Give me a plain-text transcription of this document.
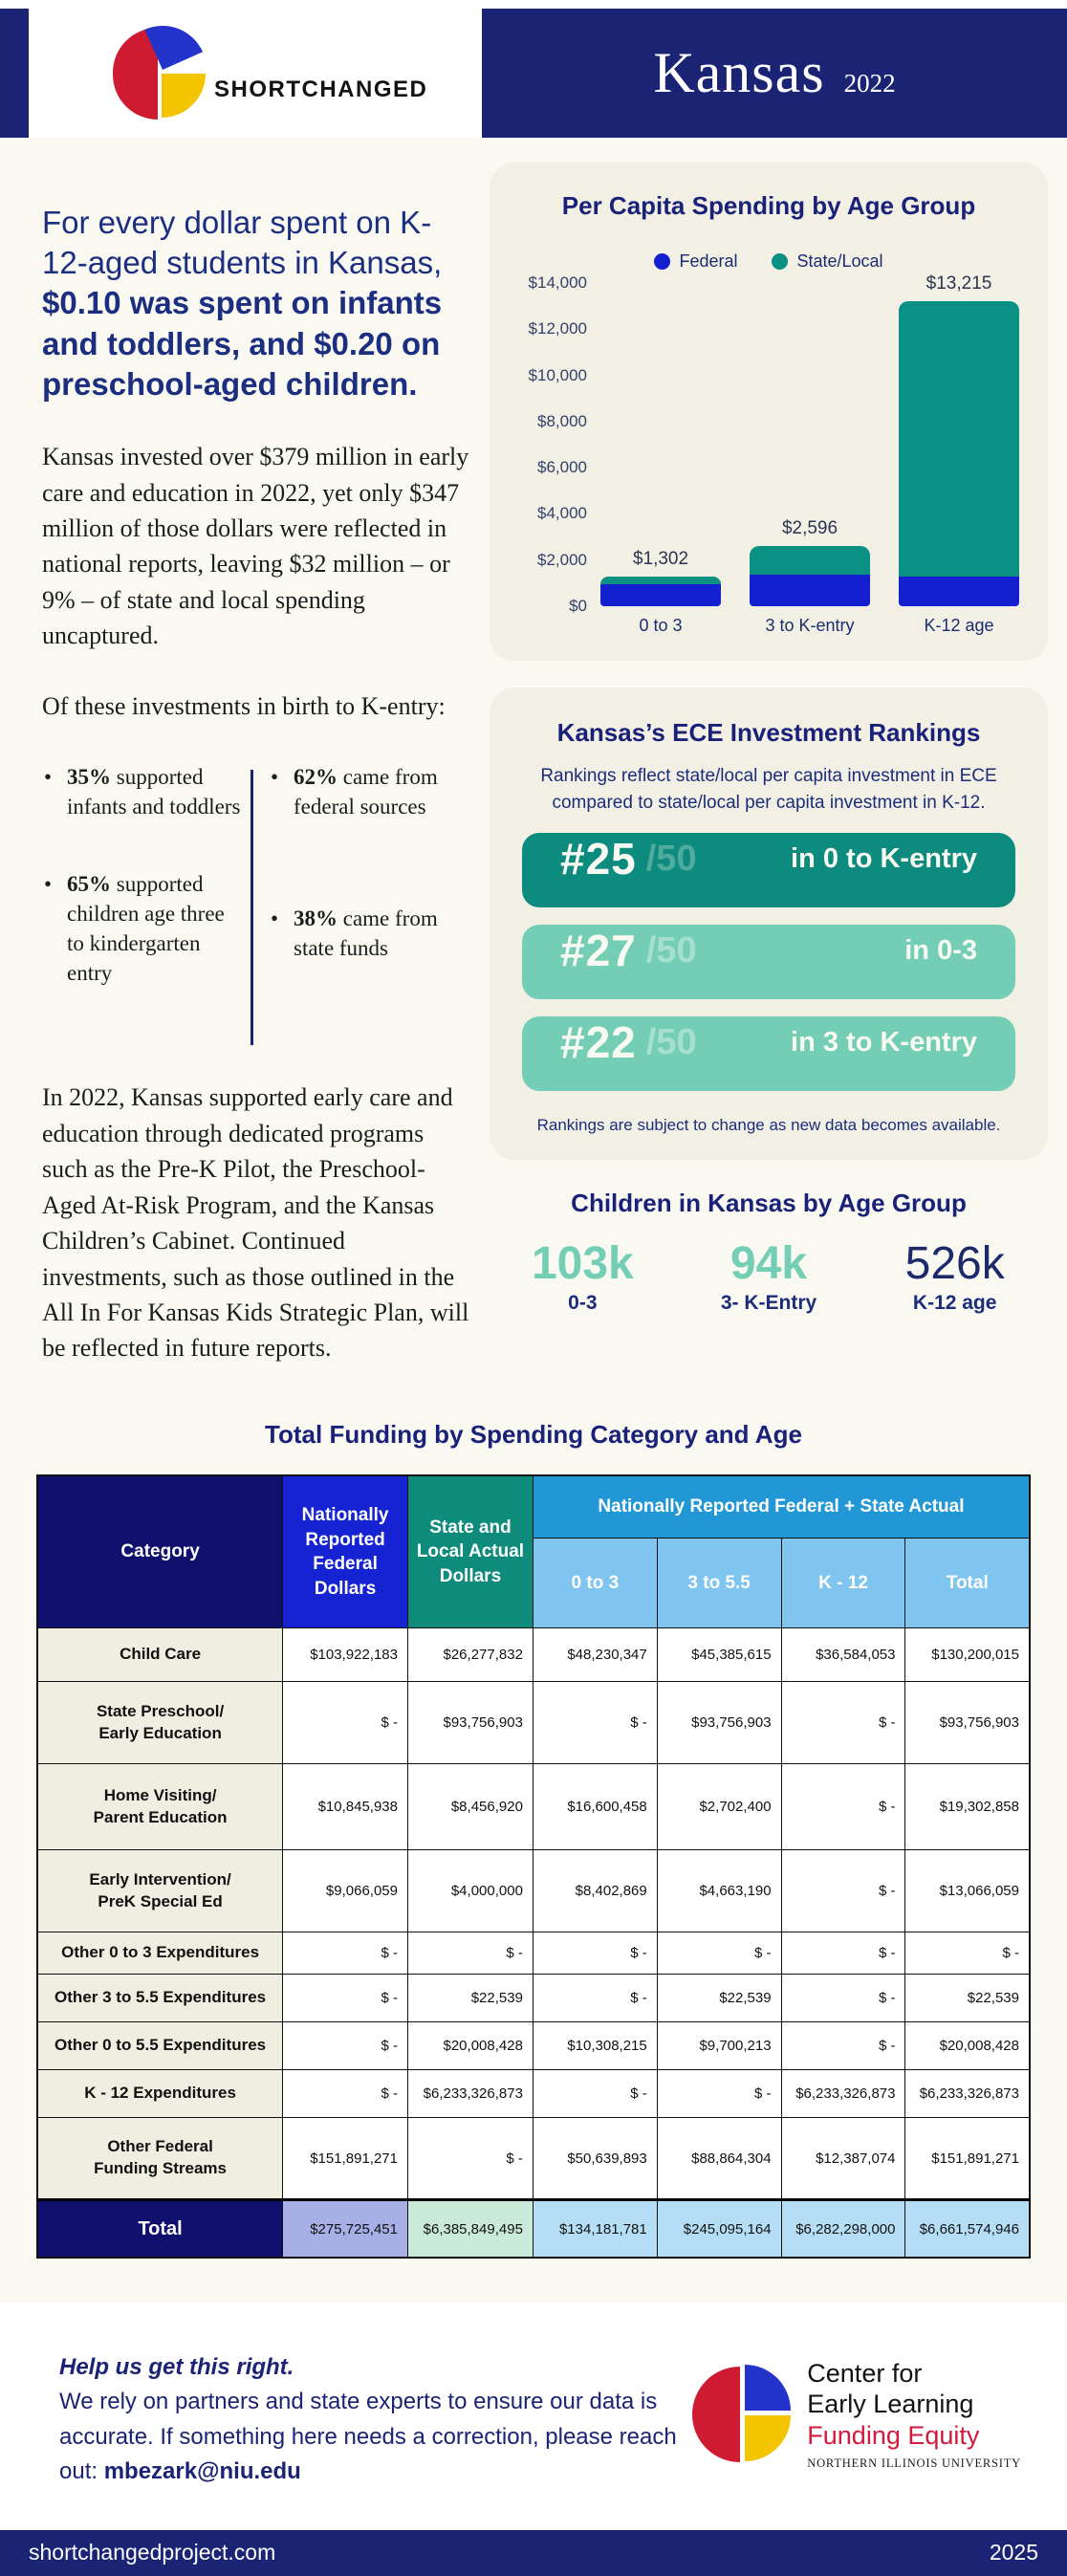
SHORTCHANGED	Kansas 2022

For every dollar spent on K-12-aged students in Kansas, $0.10 was spent on infants and toddlers, and $0.20 on preschool-aged children.

Kansas invested over $379 million in early care and education in 2022, yet only $347 million of those dollars were reflected in national reports, leaving $32 million – or 9% – of state and local spending uncaptured.

Of these investments in birth to K-entry:

• 35% supported infants and toddlers
• 65% supported children age three to kindergarten entry
• 62% came from federal sources
• 38% came from state funds

In 2022, Kansas supported early care and education through dedicated programs such as the Pre-K Pilot, the Preschool-Aged At-Risk Program, and the Kansas Children’s Cabinet. Continued investments, such as those outlined in the All In For Kansas Kids Strategic Plan, will be reflected in future reports.

Per Capita Spending by Age Group
Federal	State/Local
$14,000
$12,000
$10,000
$8,000
$6,000
$4,000
$2,000
$0
$1,302
$2,596
$13,215
0 to 3	3 to K-entry	K-12 age
Kansas’s ECE Investment Rankings
Rankings reflect state/local per capita investment in ECE compared to state/local per capita investment in K-12.
#25 /50	in 0 to K-entry
#27 /50	in 0-3
#22 /50	in 3 to K-entry
Rankings are subject to change as new data becomes available.
Children in Kansas by Age Group
103k
0-3
94k
3- K-Entry
526k
K-12 age
Total Funding by Spending Category and Age
Category	Nationally Reported Federal Dollars	State and Local Actual Dollars	Nationally Reported Federal + State Actual			
			0 to 3	3 to 5.5	K - 12	Total
Child Care	$103,922,183	$26,277,832	$48,230,347	$45,385,615	$36,584,053	$130,200,015
State Preschool/
Early Education	$ -	$93,756,903	$ -	$93,756,903	$ -	$93,756,903
Home Visiting/
Parent Education	$10,845,938	$8,456,920	$16,600,458	$2,702,400	$ -	$19,302,858
Early Intervention/
PreK Special Ed	$9,066,059	$4,000,000	$8,402,869	$4,663,190	$ -	$13,066,059
Other 0 to 3 Expenditures	$ -	$ -	$ -	$ -	$ -	$ -
Other 3 to 5.5 Expenditures	$ -	$22,539	$ -	$22,539	$ -	$22,539
Other 0 to 5.5 Expenditures	$ -	$20,008,428	$10,308,215	$9,700,213	$ -	$20,008,428
K - 12 Expenditures	$ -	$6,233,326,873	$ -	$ -	$6,233,326,873	$6,233,326,873
Other Federal
Funding Streams	$151,891,271	$ -	$50,639,893	$88,864,304	$12,387,074	$151,891,271
Total	$275,725,451	$6,385,849,495	$134,181,781	$245,095,164	$6,282,298,000	$6,661,574,946
Help us get this right.
We rely on partners and state experts to ensure our data is accurate. If something here needs a correction, please reach out: mbezark@niu.edu
Center for
Early Learning
Funding Equity
NORTHERN ILLINOIS UNIVERSITY
shortchangedproject.com	2025
